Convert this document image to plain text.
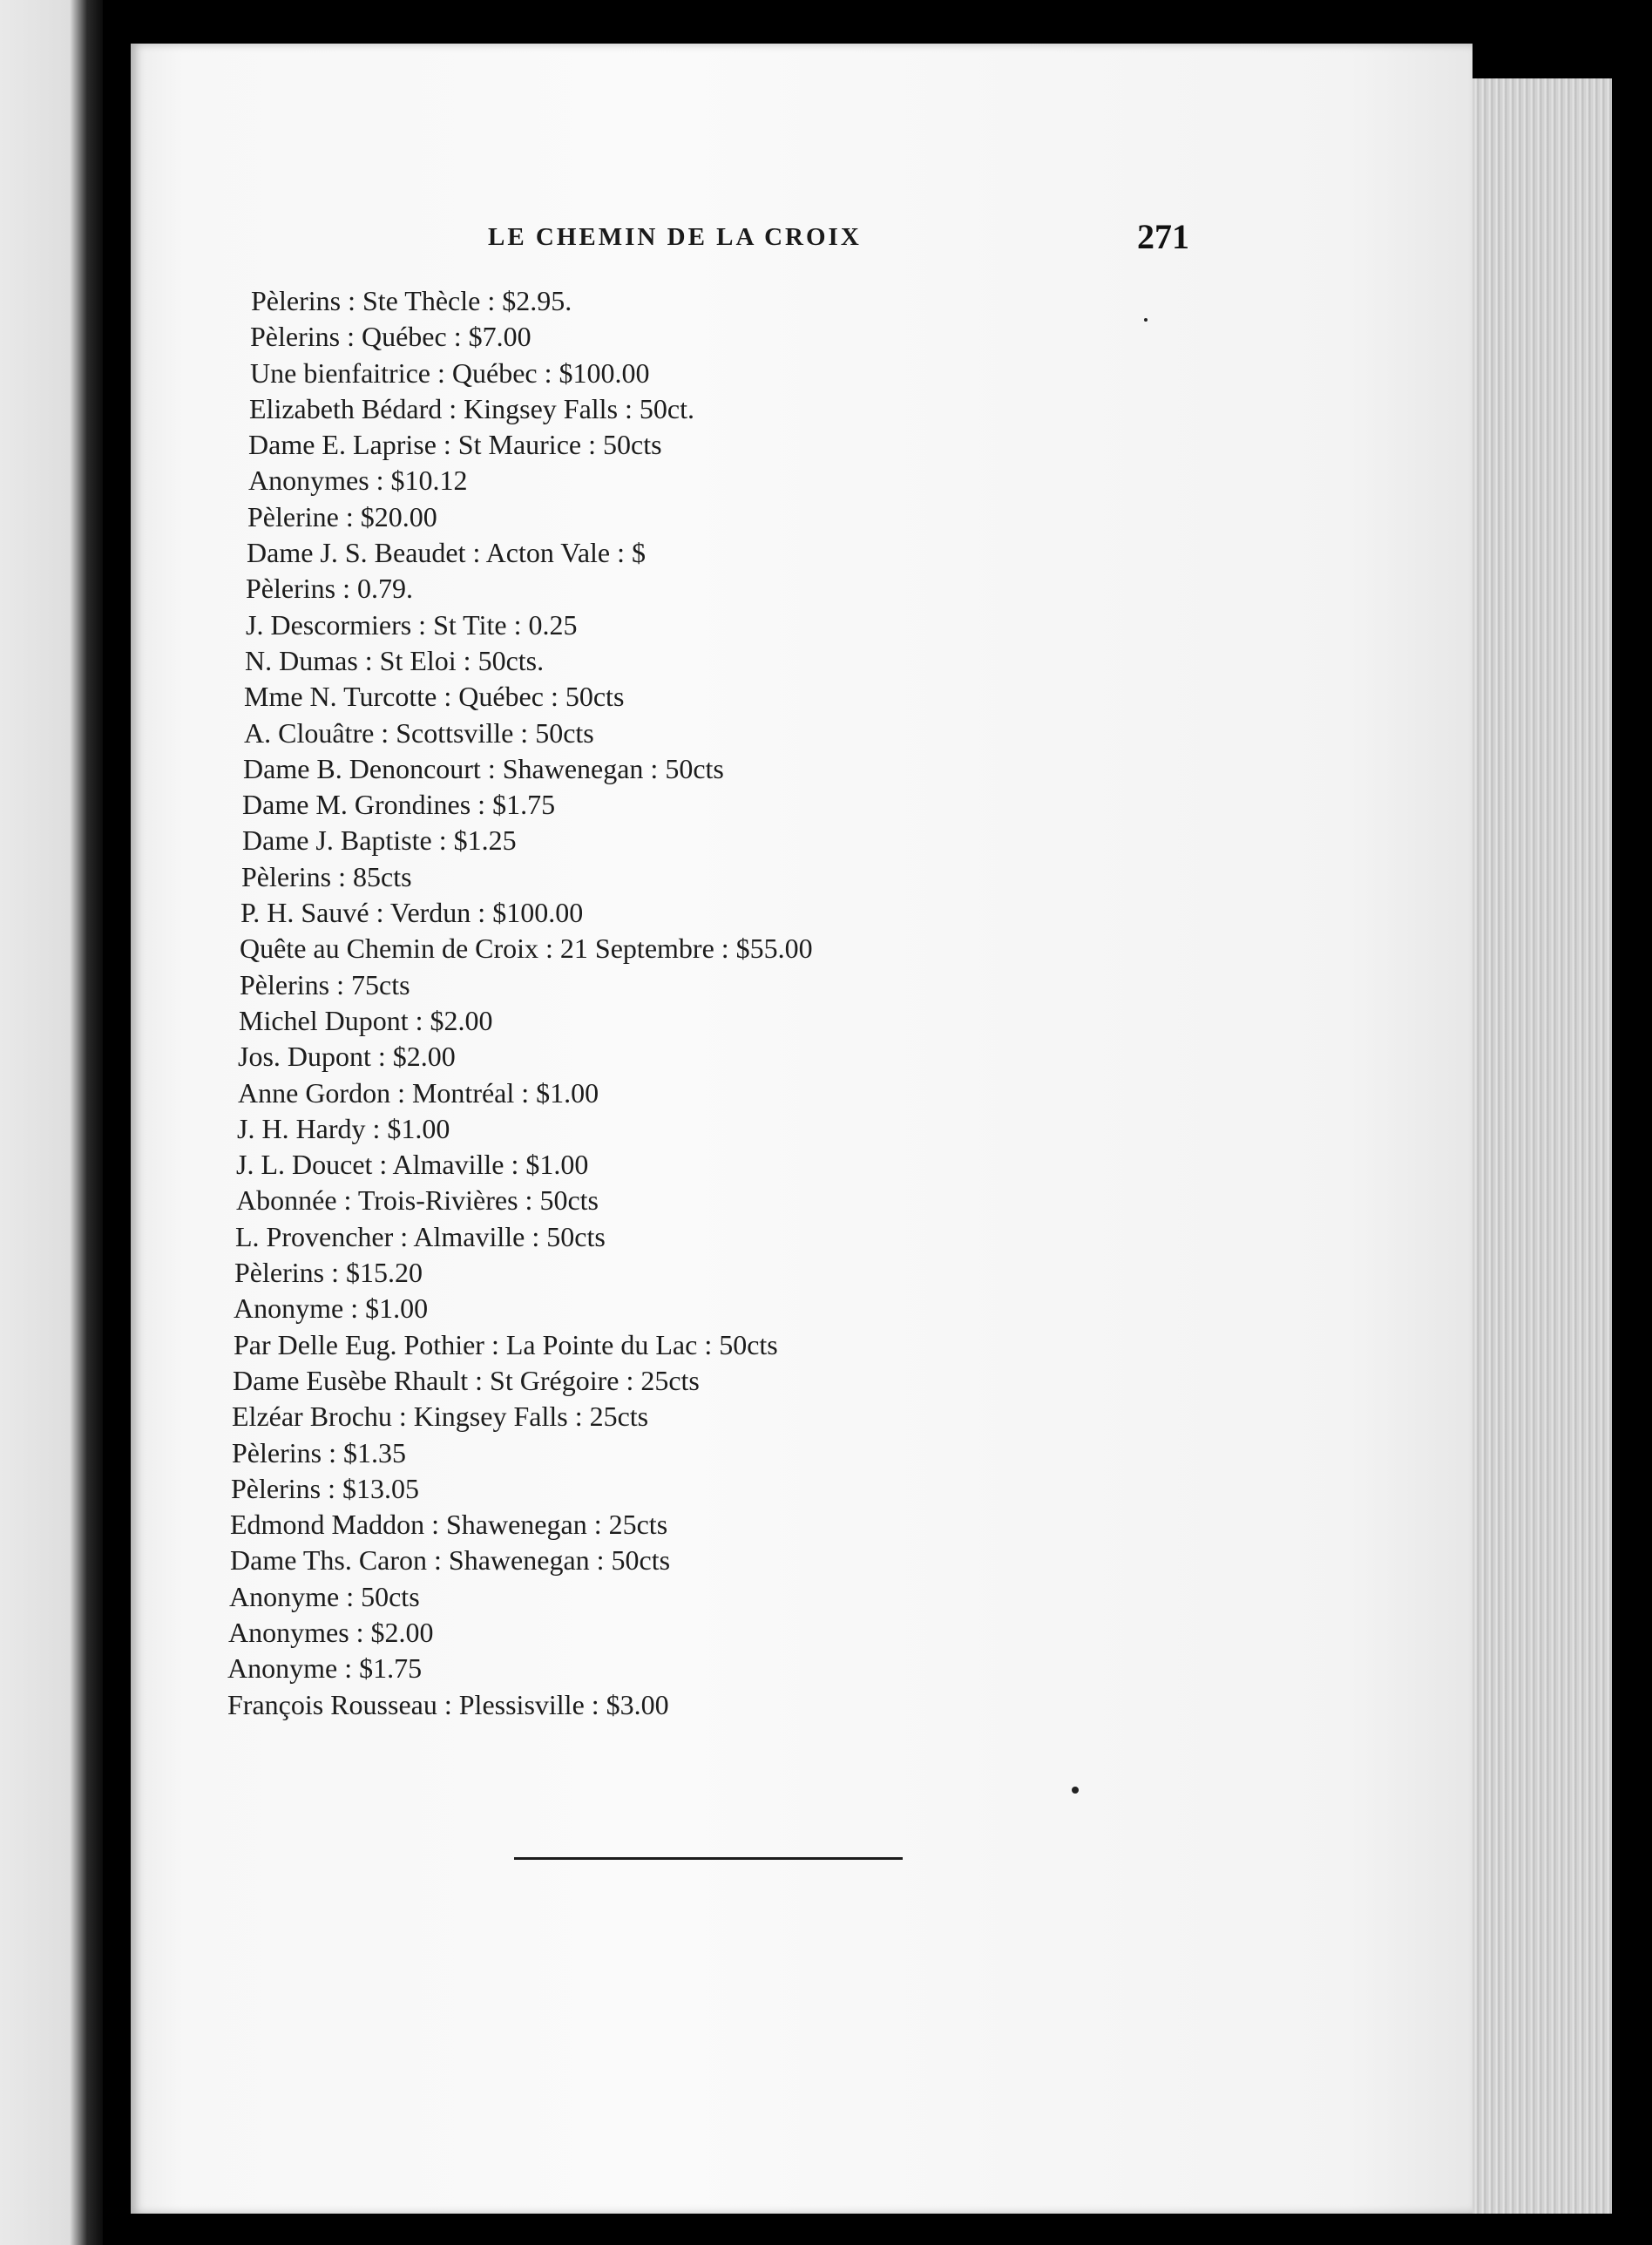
LE CHEMIN DE LA CROIX	271
Pèlerins : Ste Thècle : $2.95.
Pèlerins : Québec : $7.00
Une bienfaitrice : Québec : $100.00
Elizabeth Bédard : Kingsey Falls : 50ct.
Dame E. Laprise : St Maurice : 50cts
Anonymes : $10.12
Pèlerine : $20.00
Dame J. S. Beaudet : Acton Vale : $
Pèlerins : 0.79.
J. Descormiers : St Tite : 0.25
N. Dumas : St Eloi : 50cts.
Mme N. Turcotte : Québec : 50cts
A. Clouâtre : Scottsville : 50cts
Dame B. Denoncourt : Shawenegan : 50cts
Dame M. Grondines : $1.75
Dame J. Baptiste : $1.25
Pèlerins : 85cts
P. H. Sauvé : Verdun : $100.00
Quête au Chemin de Croix : 21 Septembre : $55.00
Pèlerins : 75cts
Michel Dupont : $2.00
Jos. Dupont : $2.00
Anne Gordon : Montréal : $1.00
J. H. Hardy : $1.00
J. L. Doucet : Almaville : $1.00
Abonnée : Trois-Rivières : 50cts
L. Provencher : Almaville : 50cts
Pèlerins : $15.20
Anonyme : $1.00
Par Delle Eug. Pothier : La Pointe du Lac : 50cts
Dame Eusèbe Rhault : St Grégoire : 25cts
Elzéar Brochu : Kingsey Falls : 25cts
Pèlerins : $1.35
Pèlerins : $13.05
Edmond Maddon : Shawenegan : 25cts
Dame Ths. Caron : Shawenegan : 50cts
Anonyme : 50cts
Anonymes : $2.00
Anonyme : $1.75
François Rousseau : Plessisville : $3.00
